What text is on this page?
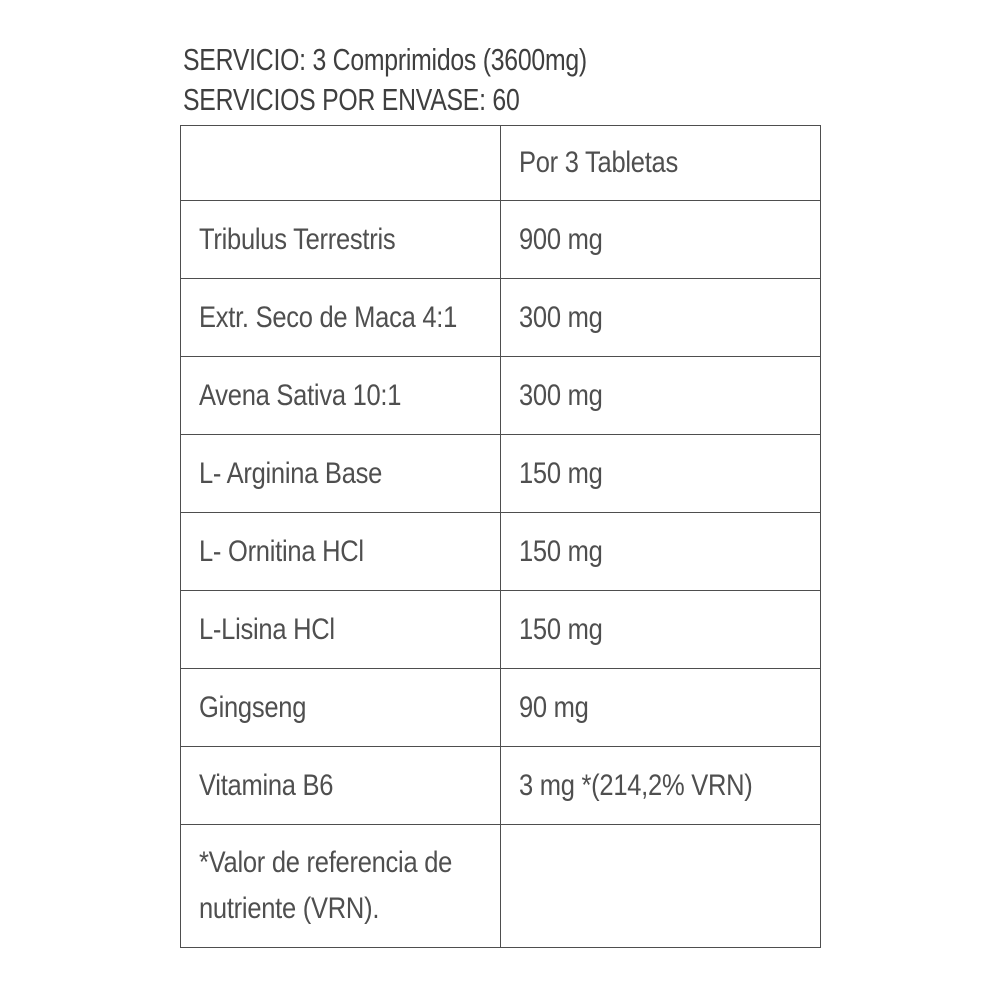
SERVICIO: 3 Comprimidos (3600mg)
SERVICIOS POR ENVASE: 60
	Por 3 Tabletas
Tribulus Terrestris	900 mg
Extr. Seco de Maca 4:1	300 mg
Avena Sativa 10:1	300 mg
L- Arginina Base	150 mg
L- Ornitina HCl	150 mg
L-Lisina HCl	150 mg
Gingseng	90 mg
Vitamina B6	3 mg *(214,2% VRN)

*Valor de referencia de
nutriente (VRN).	
